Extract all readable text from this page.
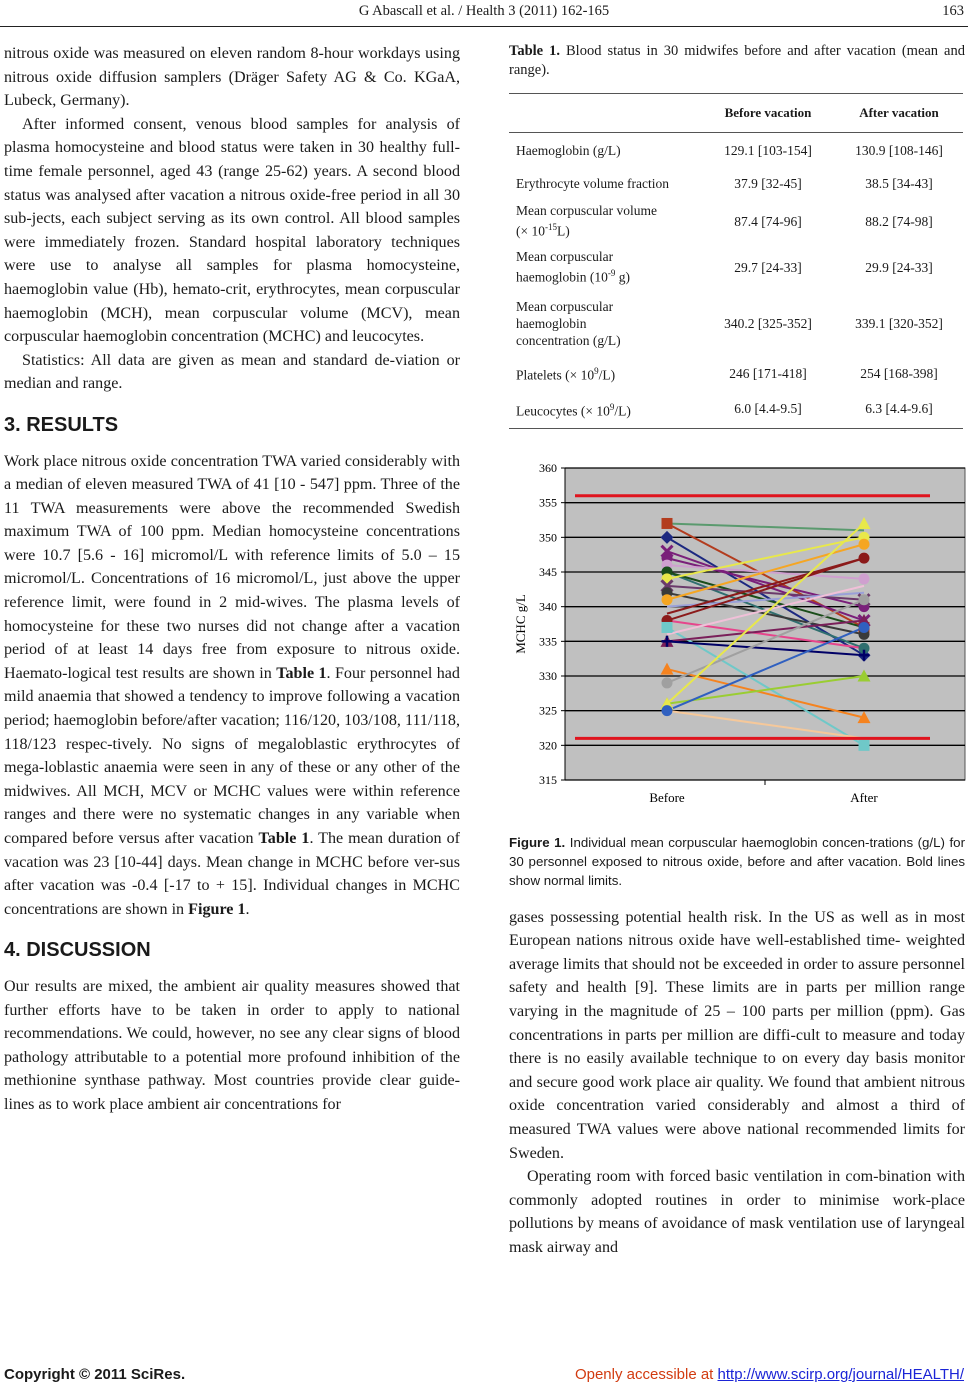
G Abascall et al. / Health 3 (2011) 162-165	163

nitrous oxide was measured on eleven random 8-hour workdays using nitrous oxide diffusion samplers (Dräger Safety AG & Co. KGaA, Lubeck, Germany).

After informed consent, venous blood samples for analysis of plasma homocysteine and blood status were taken in 30 healthy full-time female personnel, aged 43 (range 25-62) years. A second blood status was analysed after vacation a nitrous oxide-free period in all 30 sub-jects, each subject serving as its own control. All blood samples were immediately frozen. Standard hospital laboratory techniques were use to analyse all samples for plasma homocysteine, haemoglobin value (Hb), hemato-crit, erythrocytes, mean corpuscular haemoglobin (MCH), mean corpuscular volume (MCV), mean corpuscular haemoglobin concentration (MCHC) and leucocytes.

Statistics: All data are given as mean and standard de-viation or median and range.

3. RESULTS

Work place nitrous oxide concentration TWA varied considerably with a median of eleven measured TWA of 41 [10 - 547] ppm. Three of the 11 TWA measurements were above the recommended Swedish maximum TWA of 100 ppm. Median homocysteine concentrations were 10.7 [5.6 - 16] micromol/L with reference limits of 5.0 – 15 micromol/L. Concentrations of 16 micromol/L, just above the upper reference limit, were found in 2 mid-wives. The plasma levels of homocysteine for these two nurses did not change after a vacation period of at least 14 days free from exposure to nitrous oxide. Haemato-logical test results are shown in Table 1. Four personnel had mild anaemia that showed a tendency to improve following a vacation period; haemoglobin before/after vacation; 116/120, 103/108, 111/118, 118/123 respec-tively. No signs of megaloblastic erythrocytes of mega-loblastic anaemia were seen in any of these or any other of the midwives. All MCH, MCV or MCHC values were within reference ranges and there were no systematic changes in any variable when compared before versus after vacation Table 1. The mean duration of vacation was 23 [10-44] days. Mean change in MCHC before ver-sus after vacation was -0.4 [-17 to + 15]. Individual changes in MCHC concentrations are shown in Figure 1.

4. DISCUSSION

Our results are mixed, the ambient air quality measures showed that further efforts have to be taken in order to apply to national recommendations. We could, however, no see any clear signs of blood pathology attributable to a potential more profound inhibition of the methionine synthase pathway. Most countries provide clear guide-lines as to work place ambient air concentrations for

Table 1. Blood status in 30 midwifes before and after vacation (mean and range).
	Before vacation	After vacation
Haemoglobin (g/L)	129.1 [103-154]	130.9 [108-146]
Erythrocyte volume fraction	37.9 [32-45]	38.5 [34-43]
Mean corpuscular volume
(× $10^{-15}L$)	87.4 [74-96]	88.2 [74-98]
Mean corpuscular
haemoglobin ($10^{-9}$ g)	29.7 [24-33]	29.9 [24-33]
Mean corpuscular
haemoglobin
concentration (g/L)	340.2 [325-352]	339.1 [320-352]
Platelets (× $10^9/L$)	246 [171-418]	254 [168-398]
Leucocytes (× $10^9/L$)	6.0 [4.4-9.5]	6.3 [4.4-9.6]
315
320
325
330
335
340
345
350
355
360
Before	After
MCHC g/L
Figure 1. Individual mean corpuscular haemoglobin concen-trations (g/L) for 30 personnel exposed to nitrous oxide, before and after vacation. Bold lines show normal limits.

gases possessing potential health risk. In the US as well as in most European nations nitrous oxide have well-established time- weighted average limits that should not be exceeded in order to assure personnel safety and health [9]. These limits are in parts per million range varying in the magnitude of 25 – 100 parts per million (ppm). Gas concentrations in parts per million are diffi-cult to measure and today there is no easily available technique to on every day basis monitor and secure good work place air quality. We found that ambient nitrous oxide concentration varied considerably and almost a third of measured TWA values were above national recommended limits for Sweden.

Operating room with forced basic ventilation in com-bination with commonly adopted routines in order to minimise work-place pollutions by means of avoidance of mask ventilation use of laryngeal mask airway and

Copyright © 2011 SciRes.	Openly accessible at http://www.scirp.org/journal/HEALTH/
